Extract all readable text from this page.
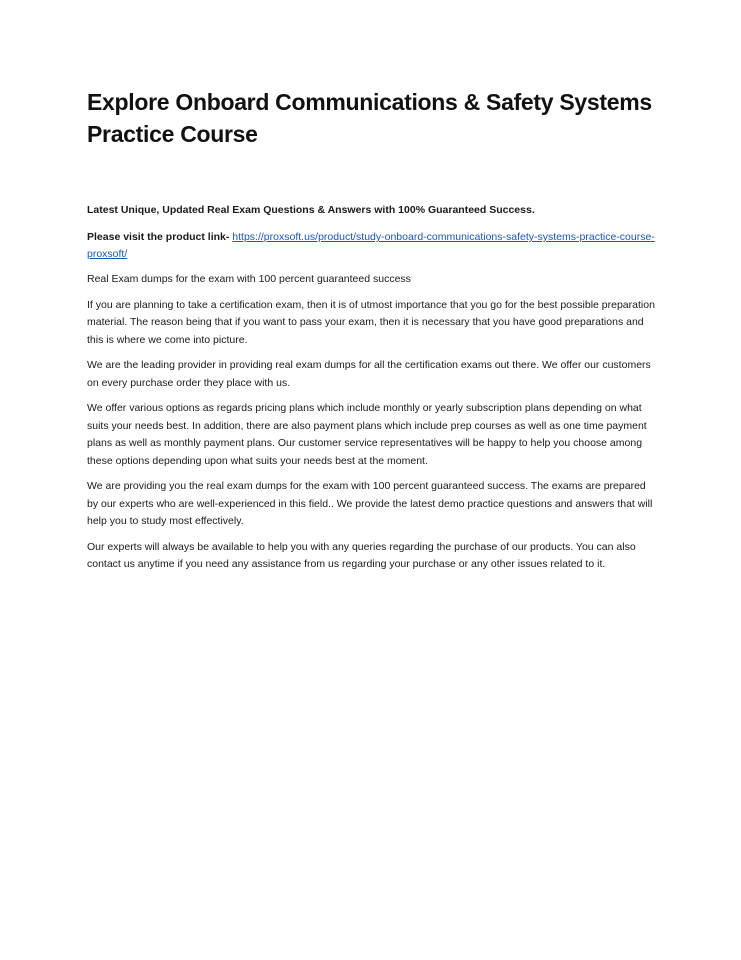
Explore Onboard Communications & Safety Systems Practice Course

Latest Unique, Updated Real Exam Questions & Answers with 100% Guaranteed Success.

Please visit the product link- https://proxsoft.us/product/study-onboard-communications-safety-systems-practice-course-proxsoft/

Real Exam dumps for the exam with 100 percent guaranteed success

If you are planning to take a certification exam, then it is of utmost importance that you go for the best possible preparation material. The reason being that if you want to pass your exam, then it is necessary that you have good preparations and this is where we come into picture.

We are the leading provider in providing real exam dumps for all the certification exams out there. We offer our customers on every purchase order they place with us.

We offer various options as regards pricing plans which include monthly or yearly subscription plans depending on what suits your needs best. In addition, there are also payment plans which include prep courses as well as one time payment plans as well as monthly payment plans. Our customer service representatives will be happy to help you choose among these options depending upon what suits your needs best at the moment.

We are providing you the real exam dumps for the exam with 100 percent guaranteed success. The exams are prepared by our experts who are well-experienced in this field.. We provide the latest demo practice questions and answers that will help you to study most effectively.

Our experts will always be available to help you with any queries regarding the purchase of our products. You can also contact us anytime if you need any assistance from us regarding your purchase or any other issues related to it.
